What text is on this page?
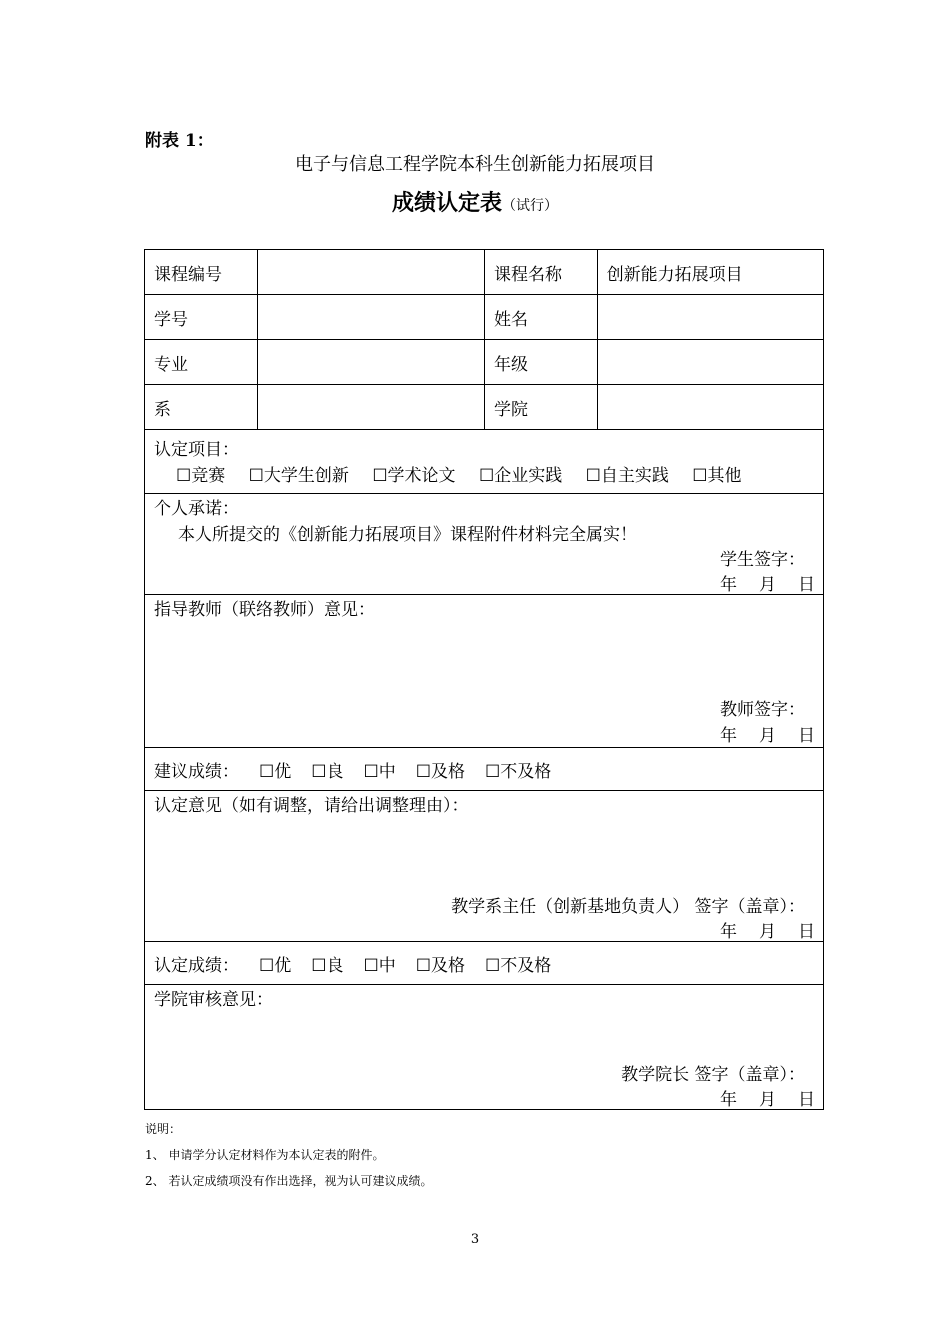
附表 1：
电子与信息工程学院本科生创新能力拓展项目
成绩认定表（试行）
课程编号	课程名称	创新能力拓展项目
学号	姓名
专业	年级
系	学院
认定项目：
☐竞赛 ☐大学生创新 ☐学术论文 ☐企业实践 ☐自主实践 ☐其他
个人承诺：
本人所提交的《创新能力拓展项目》课程附件材料完全属实！
学生签字：
年 月 日
指导教师（联络教师）意见：
教师签字：
年 月 日
建议成绩： ☐优 ☐良 ☐中 ☐及格 ☐不及格
认定意见（如有调整，请给出调整理由）：
教学系主任（创新基地负责人） 签字（盖章）：
年 月 日
认定成绩： ☐优 ☐良 ☐中 ☐及格 ☐不及格
学院审核意见：
教学院长 签字（盖章）：
年 月 日
说明：
1、 申请学分认定材料作为本认定表的附件。
2、 若认定成绩项没有作出选择，视为认可建议成绩。
3
